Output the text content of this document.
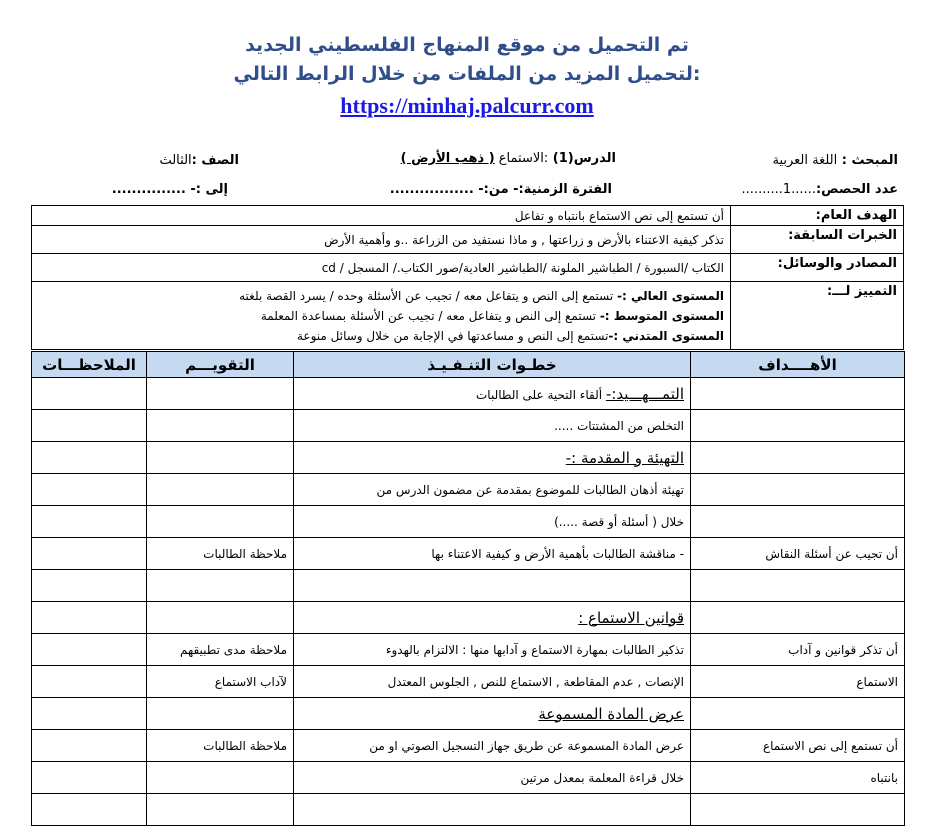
تم التحميل من موقع المنهاج الفلسطيني الجديد
لتحميل المزيد من الملفات من خلال الرابط التالي:
https://minhaj.palcurr.com
المبحث : اللغة العربية
الدرس(1) :الاستماع ( ذهب الأرض )
الصف :الثالث
عدد الحصص:......1..........
الفترة الزمنية:- من:- .................
إلى :- ...............
الهدف العام:	أن تستمع إلى نص الاستماع بانتباه و تفاعل
الخبرات السابقة:	تذكر كيفية الاعتناء بالأرض و زراعتها , و ماذا نستفيد من الزراعة ..و وأهمية الأرض
المصادر والوسائل:	الكتاب /السبورة / الطباشير الملونة /الطباشير العادية/صور الكتاب./ المسجل / cd
التمييز لـــ:	المستوى العالي :- تستمع إلى النص و يتفاعل معه / تجيب عن الأسئلة وحده / يسرد القصة بلغته
المستوى المتوسط :- تستمع إلى النص و يتفاعل معه / تجيب عن الأسئلة بمساعدة المعلمة
المستوى المتدني :-تستمع إلى النص و مساعدتها في الإجابة من خلال وسائل منوعة
الأهــــداف	خطـوات التنـفـيـذ	التقويـــم	الملاحظـــات
	التمـــهـــيد:- ألقاء التحية على الطالبات		
	التخلص من المشتتات .....		
	التهيئة و المقدمة :-		
	تهيئة أذهان الطالبات للموضوع بمقدمة عن مضمون الدرس من		
	خلال ( أسئلة أو قصة .....)		
أن تجيب عن أسئلة النقاش	- مناقشة الطالبات بأهمية الأرض و كيفية الاعتناء بها	ملاحظة الطالبات	

	قوانين الاستماع :		
أن تذكر قوانين و آداب	تذكير الطالبات بمهارة الاستماع و آدابها منها : الالتزام بالهدوء	ملاحظة مدى تطبيقهم	
الاستماع	الإنصات , عدم المقاطعة , الاستماع للنص , الجلوس المعتدل	لآداب الاستماع	
	عرض المادة المسموعة		
أن تستمع إلى نص الاستماع	عرض المادة المسموعة عن طريق جهاز التسجيل الصوتي او من	ملاحظة الطالبات	
بانتباه	خلال قراءة المعلمة بمعدل مرتين		
